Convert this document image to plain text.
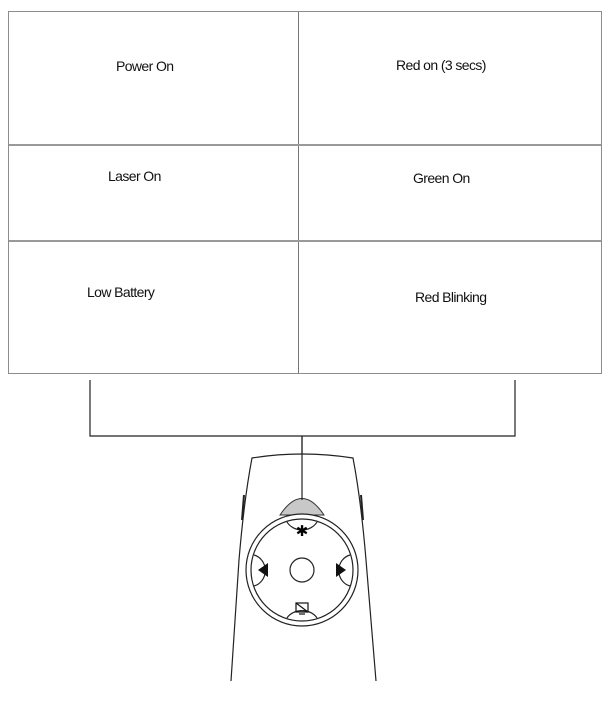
Power On	Red on (3 secs)
Laser On	Green On
Low Battery	Red Blinking
✱
